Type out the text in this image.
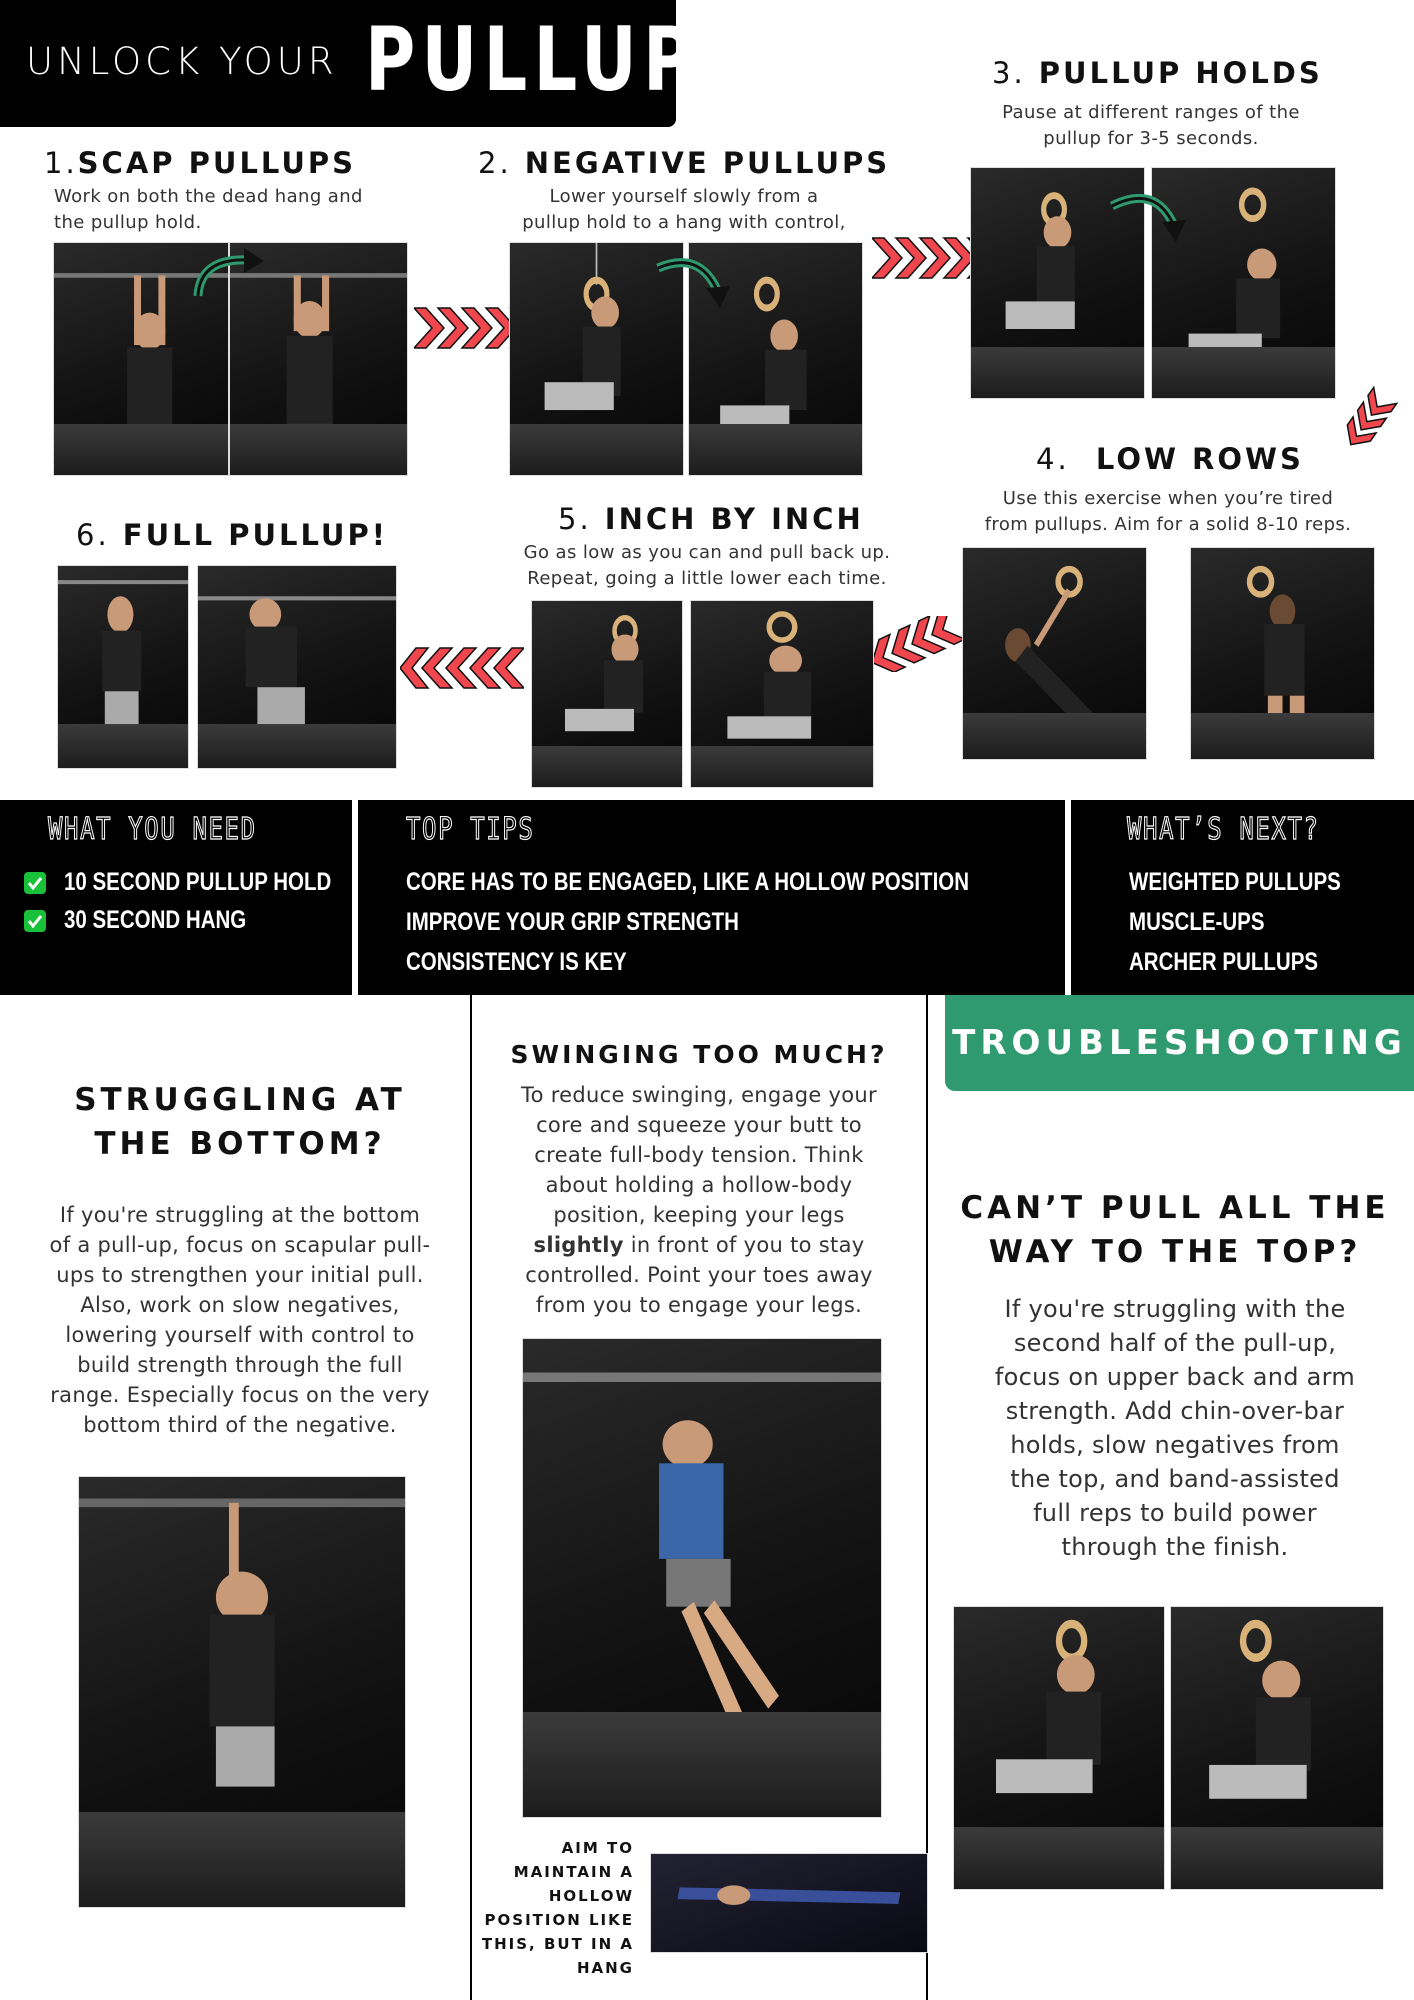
UNLOCK YOUR PULLUP
1.SCAP PULLUPS
Work on both the dead hang and
the pullup hold.
2. NEGATIVE PULLUPS
Lower yourself slowly from a
pullup hold to a hang with control,
3. PULLUP HOLDS
Pause at different ranges of the
pullup for 3-5 seconds.
4. LOW ROWS
Use this exercise when you’re tired
from pullups. Aim for a solid 8-10 reps.
5. INCH BY INCH
Go as low as you can and pull back up.
Repeat, going a little lower each time.
6. FULL PULLUP!
WHAT YOU NEED
10 SECOND PULLUP HOLD
30 SECOND HANG
TOP TIPS
CORE HAS TO BE ENGAGED, LIKE A HOLLOW POSITION
IMPROVE YOUR GRIP STRENGTH
CONSISTENCY IS KEY
WHAT’S NEXT?
WEIGHTED PULLUPS
MUSCLE-UPS
ARCHER PULLUPS
TROUBLESHOOTING
STRUGGLING AT
THE BOTTOM?
If you're struggling at the bottom
of a pull-up, focus on scapular pull-
ups to strengthen your initial pull.
Also, work on slow negatives,
lowering yourself with control to
build strength through the full
range. Especially focus on the very
bottom third of the negative.
SWINGING TOO MUCH?
To reduce swinging, engage your
core and squeeze your butt to
create full-body tension. Think
about holding a hollow-body
position, keeping your legs
slightly in front of you to stay
controlled. Point your toes away
from you to engage your legs.
AIM TO
MAINTAIN A
HOLLOW
POSITION LIKE
THIS, BUT IN A
HANG
CAN’T PULL ALL THE
WAY TO THE TOP?
If you're struggling with the
second half of the pull-up,
focus on upper back and arm
strength. Add chin-over-bar
holds, slow negatives from
the top, and band-assisted
full reps to build power
through the finish.
